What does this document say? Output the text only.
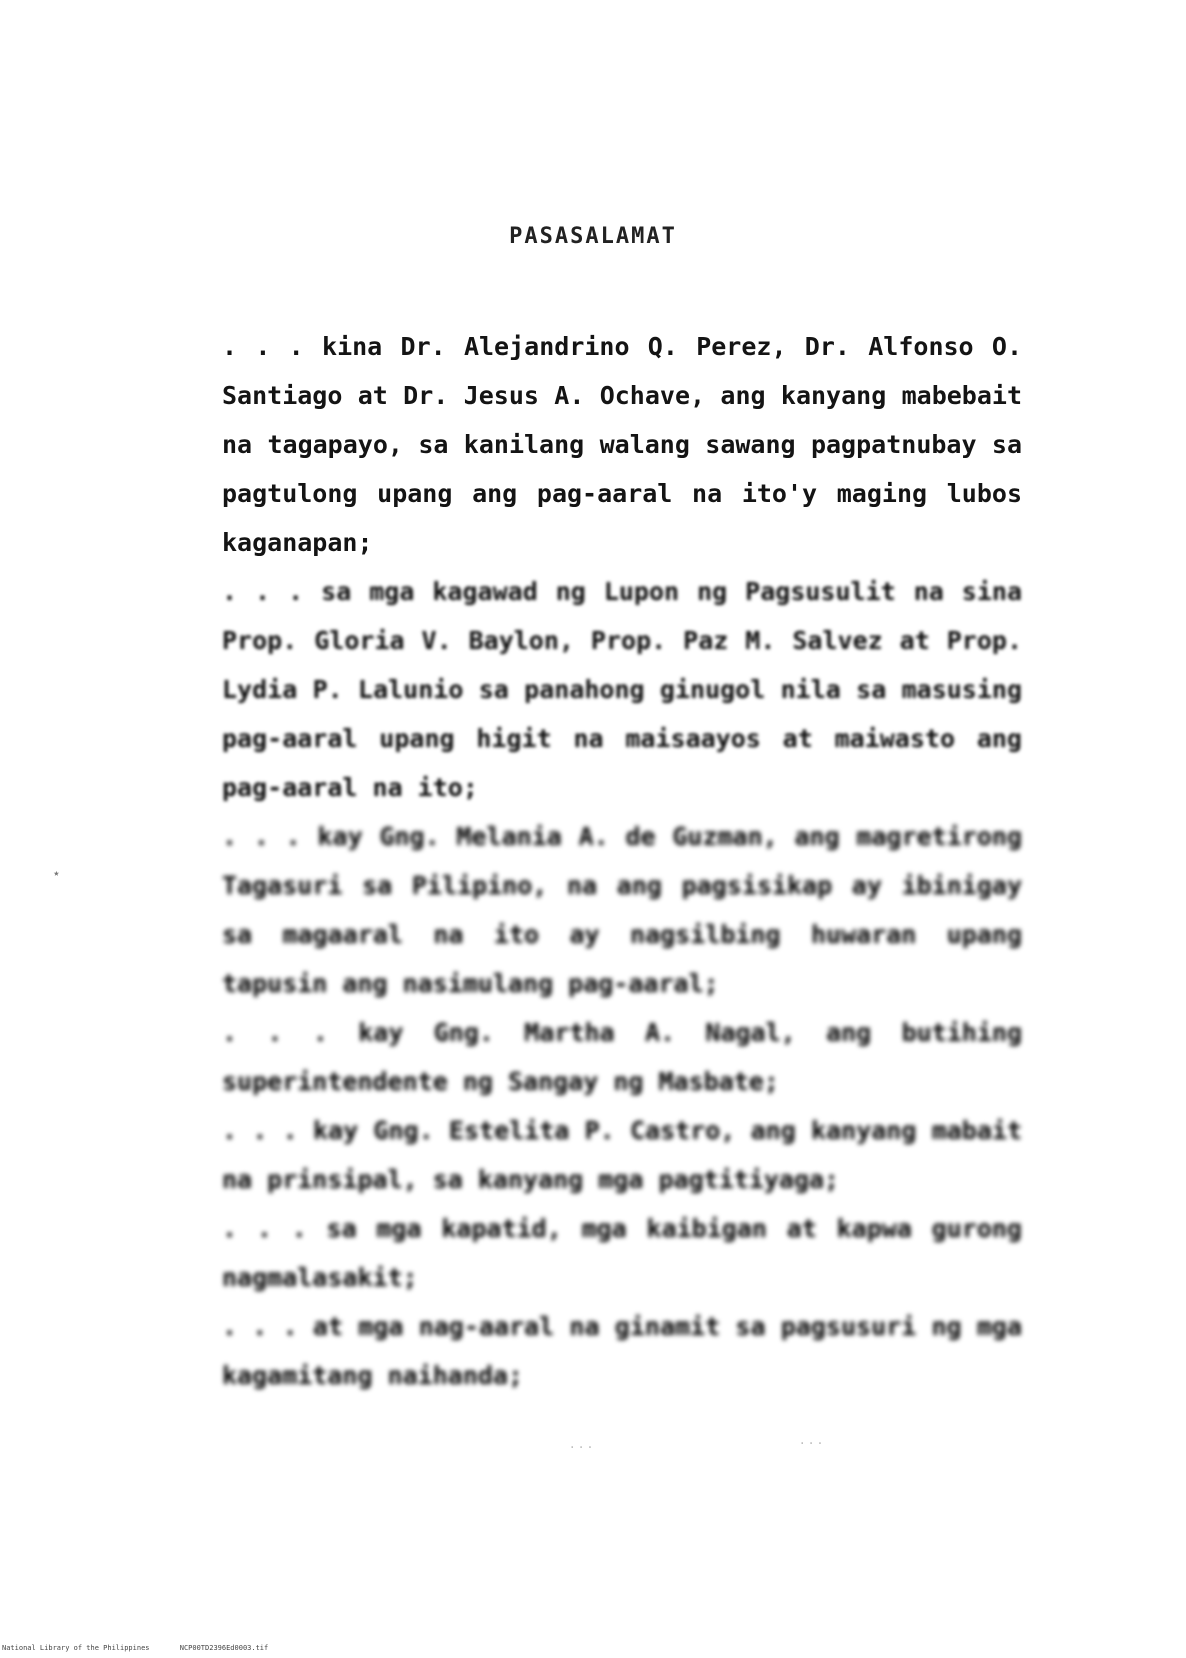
PASASALAMAT

. . . kina Dr. Alejandrino Q. Perez, Dr. Alfonso O. Santiago at Dr. Jesus A. Ochave, ang kanyang mabebait na tagapayo, sa kanilang walang sawang pagpatnubay sa pagtulong upang ang pag-aaral na ito'y maging lubos kaganapan;

. . . sa mga kagawad ng Lupon ng Pagsusulit na sina Prop. Gloria V. Baylon, Prop. Paz M. Salvez at Prop. Lydia P. Lalunio sa panahong ginugol nila sa masusing pag-aaral upang higit na maisaayos at maiwasto ang pag-aaral na ito;

. . . kay Gng. Melania A. de Guzman, ang magretirong Tagasuri sa Pilipino, na ang pagsisikap ay ibinigay sa magaaral na ito ay nagsilbing huwaran upang tapusin ang nasimulang pag-aaral;

. . . kay Gng. Martha A. Nagal, ang butihing superintendente ng Sangay ng Masbate;

. . . kay Gng. Estelita P. Castro, ang kanyang mabait na prinsipal, sa kanyang mga pagtitiyaga;

. . . sa mga kapatid, mga kaibigan at kapwa gurong nagmalasakit;

. . . at mga nag-aaral na ginamit sa pagsusuri ng mga kagamitang naihanda;

⋆
· ⋅ ·	· · ⋅
National Library of the Philippines	NCP00TD2396Ed0003.tif
